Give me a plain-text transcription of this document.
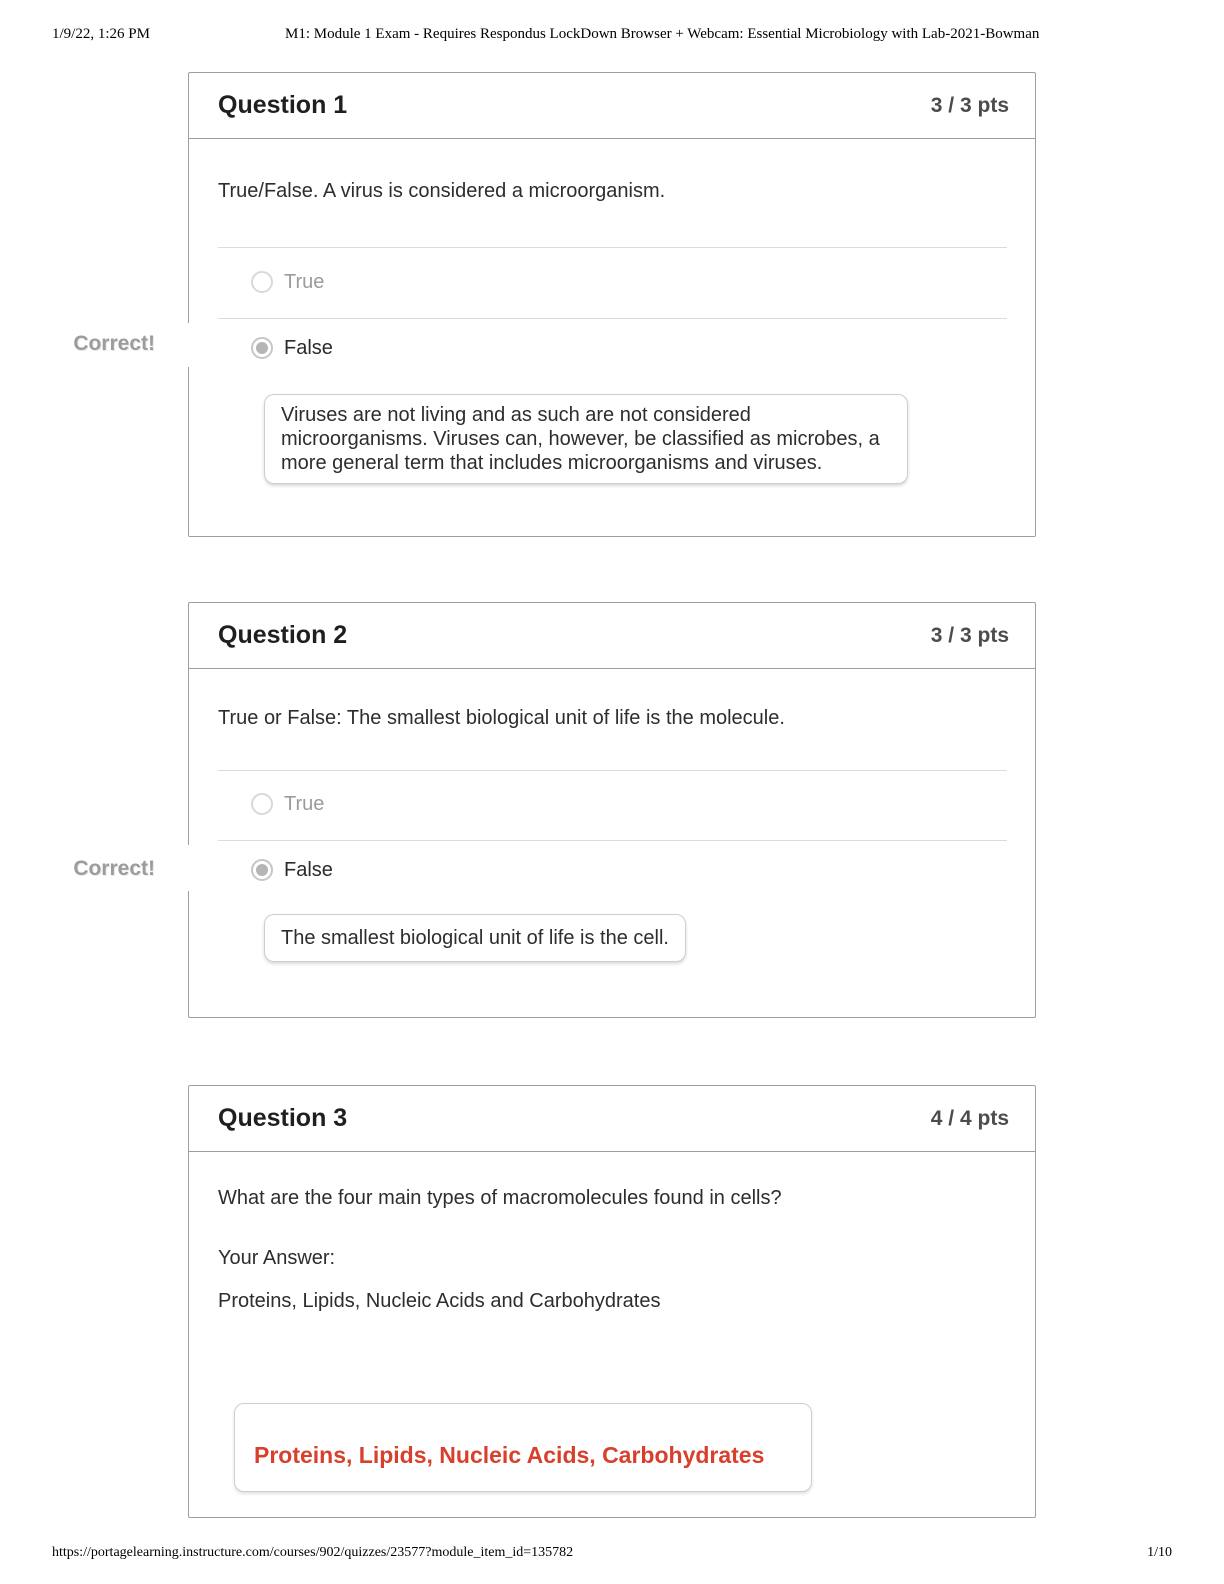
1/9/22, 1:26 PM	M1: Module 1 Exam - Requires Respondus LockDown Browser + Webcam: Essential Microbiology with Lab-2021-Bowman
Question 1	3 / 3 pts
True/False. A virus is considered a microorganism.
True
False
Viruses are not living and as such are not considered microorganisms. Viruses can, however, be classified as microbes, a more general term that includes microorganisms and viruses.
Correct!
Question 2	3 / 3 pts
True or False: The smallest biological unit of life is the molecule.
True
False
The smallest biological unit of life is the cell.
Correct!
Question 3	4 / 4 pts
What are the four main types of macromolecules found in cells?
Your Answer:
Proteins, Lipids, Nucleic Acids and Carbohydrates
Proteins, Lipids, Nucleic Acids, Carbohydrates
https://portagelearning.instructure.com/courses/902/quizzes/23577?module_item_id=135782	1/10
